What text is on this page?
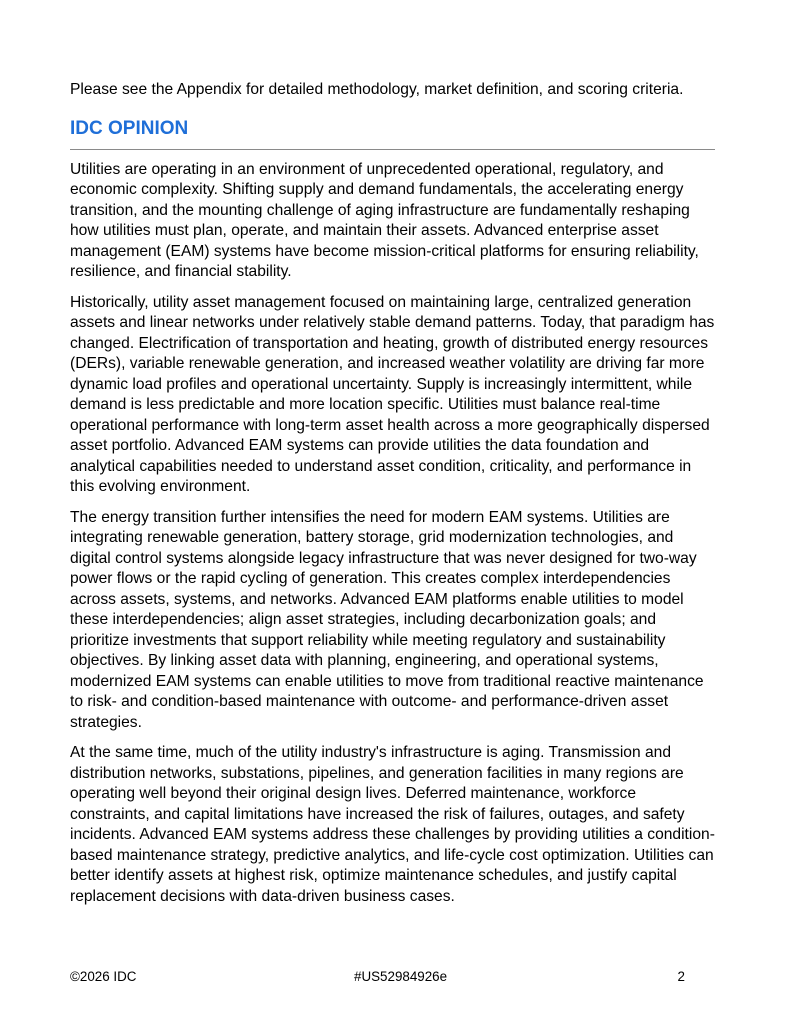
Please see the Appendix for detailed methodology, market definition, and scoring criteria.

IDC OPINION

Utilities are operating in an environment of unprecedented operational, regulatory, and economic complexity. Shifting supply and demand fundamentals, the accelerating energy transition, and the mounting challenge of aging infrastructure are fundamentally reshaping how utilities must plan, operate, and maintain their assets. Advanced enterprise asset management (EAM) systems have become mission-critical platforms for ensuring reliability, resilience, and financial stability.

Historically, utility asset management focused on maintaining large, centralized generation assets and linear networks under relatively stable demand patterns. Today, that paradigm has changed. Electrification of transportation and heating, growth of distributed energy resources (DERs), variable renewable generation, and increased weather volatility are driving far more dynamic load profiles and operational uncertainty. Supply is increasingly intermittent, while demand is less predictable and more location specific. Utilities must balance real-time operational performance with long-term asset health across a more geographically dispersed asset portfolio. Advanced EAM systems can provide utilities the data foundation and analytical capabilities needed to understand asset condition, criticality, and performance in this evolving environment.

The energy transition further intensifies the need for modern EAM systems. Utilities are integrating renewable generation, battery storage, grid modernization technologies, and digital control systems alongside legacy infrastructure that was never designed for two-way power flows or the rapid cycling of generation. This creates complex interdependencies across assets, systems, and networks. Advanced EAM platforms enable utilities to model these interdependencies; align asset strategies, including decarbonization goals; and prioritize investments that support reliability while meeting regulatory and sustainability objectives. By linking asset data with planning, engineering, and operational systems, modernized EAM systems can enable utilities to move from traditional reactive maintenance to risk- and condition-based maintenance with outcome- and performance-driven asset strategies.

At the same time, much of the utility industry's infrastructure is aging. Transmission and distribution networks, substations, pipelines, and generation facilities in many regions are operating well beyond their original design lives. Deferred maintenance, workforce constraints, and capital limitations have increased the risk of failures, outages, and safety incidents. Advanced EAM systems address these challenges by providing utilities a condition-based maintenance strategy, predictive analytics, and life-cycle cost optimization. Utilities can better identify assets at highest risk, optimize maintenance schedules, and justify capital replacement decisions with data-driven business cases.

©2026 IDC	#US52984926e	2
